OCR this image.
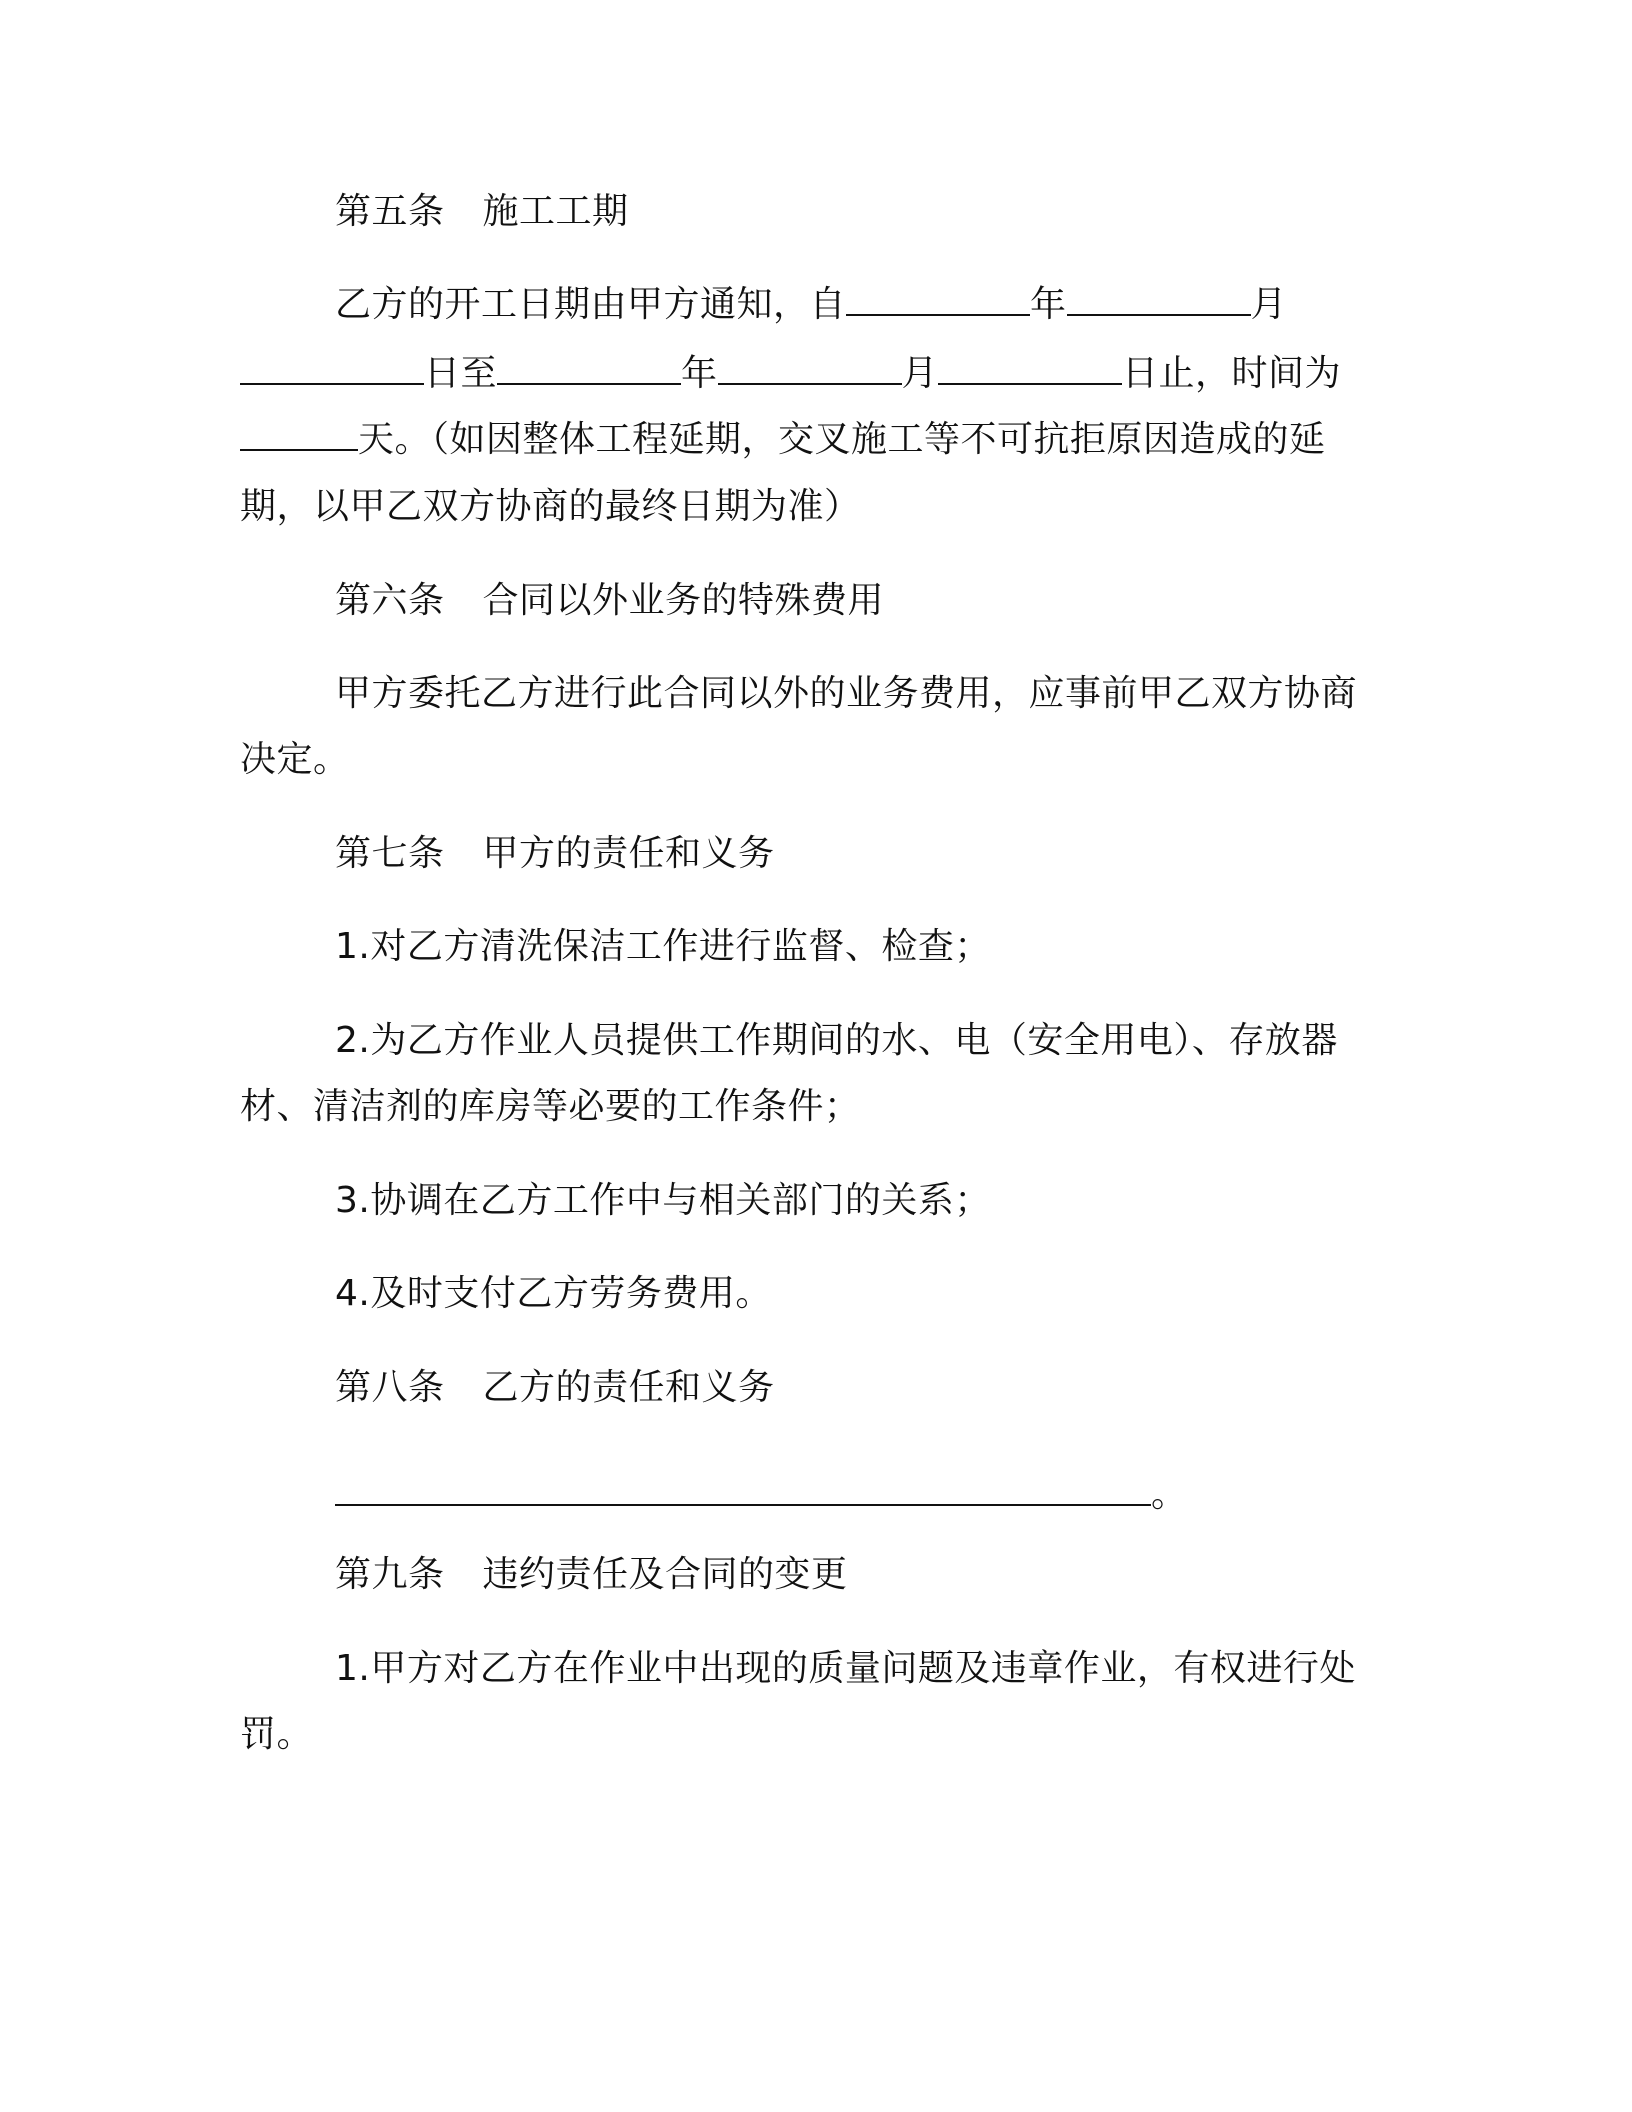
第五条 施工工期
乙方的开工日期由甲方通知，自	年	月
日至	年	月	日止，时间为
天。（如因整体工程延期，交叉施工等不可抗拒原因造成的延
期，以甲乙双方协商的最终日期为准）
第六条 合同以外业务的特殊费用
甲方委托乙方进行此合同以外的业务费用，应事前甲乙双方协商
决定。
第七条 甲方的责任和义务
1.对乙方清洗保洁工作进行监督、检查；
2.为乙方作业人员提供工作期间的水、电（安全用电）、存放器
材、清洁剂的库房等必要的工作条件；
3.协调在乙方工作中与相关部门的关系；
4.及时支付乙方劳务费用。
第八条 乙方的责任和义务
。
第九条 违约责任及合同的变更
1.甲方对乙方在作业中出现的质量问题及违章作业，有权进行处
罚。
